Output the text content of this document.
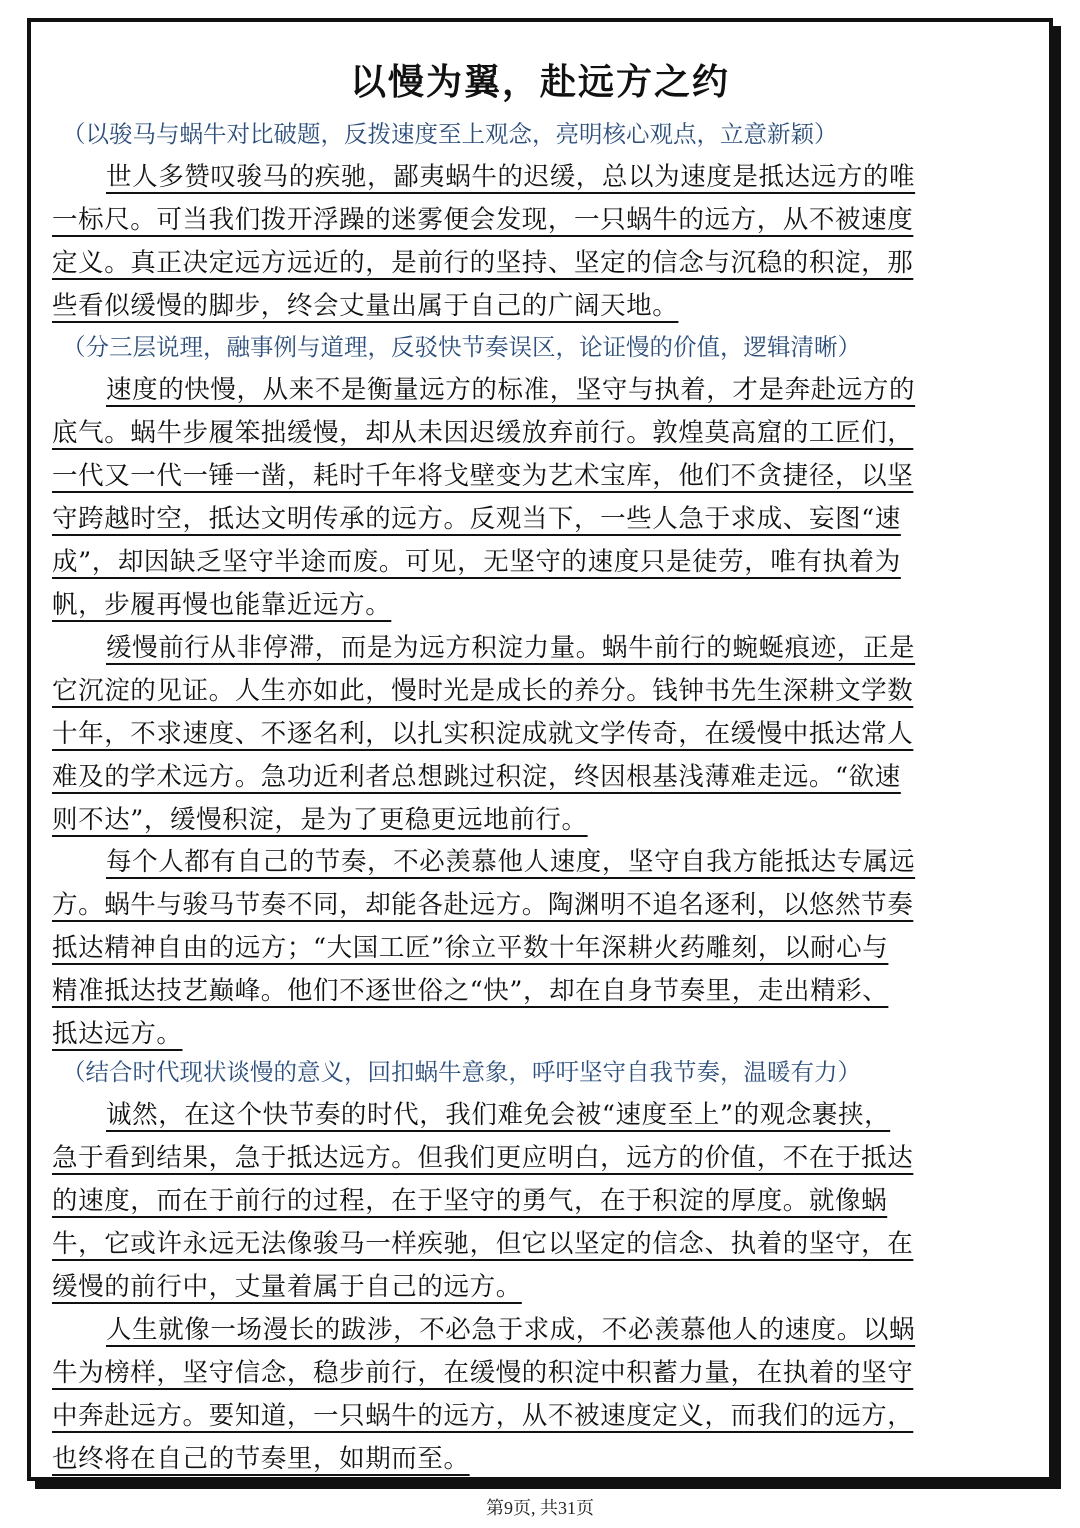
以慢为翼，赴远方之约

（以骏马与蜗牛对比破题，反拨速度至上观念，亮明核心观点，立意新颖）

世人多赞叹骏马的疾驰，鄙夷蜗牛的迟缓，总以为速度是抵达远方的唯
一标尺。可当我们拨开浮躁的迷雾便会发现，一只蜗牛的远方，从不被速度
定义。真正决定远方远近的，是前行的坚持、坚定的信念与沉稳的积淀，那
些看似缓慢的脚步，终会丈量出属于自己的广阔天地。

（分三层说理，融事例与道理，反驳快节奏误区，论证慢的价值，逻辑清晰）

速度的快慢，从来不是衡量远方的标准，坚守与执着，才是奔赴远方的
底气。蜗牛步履笨拙缓慢，却从未因迟缓放弃前行。敦煌莫高窟的工匠们，
一代又一代一锤一凿，耗时千年将戈壁变为艺术宝库，他们不贪捷径，以坚
守跨越时空，抵达文明传承的远方。反观当下，一些人急于求成、妄图“速
成”，却因缺乏坚守半途而废。可见，无坚守的速度只是徒劳，唯有执着为
帆，步履再慢也能靠近远方。
缓慢前行从非停滞，而是为远方积淀力量。蜗牛前行的蜿蜒痕迹，正是
它沉淀的见证。人生亦如此，慢时光是成长的养分。钱钟书先生深耕文学数
十年，不求速度、不逐名利，以扎实积淀成就文学传奇，在缓慢中抵达常人
难及的学术远方。急功近利者总想跳过积淀，终因根基浅薄难走远。“欲速
则不达”，缓慢积淀，是为了更稳更远地前行。
每个人都有自己的节奏，不必羡慕他人速度，坚守自我方能抵达专属远
方。蜗牛与骏马节奏不同，却能各赴远方。陶渊明不追名逐利，以悠然节奏
抵达精神自由的远方；“大国工匠”徐立平数十年深耕火药雕刻，以耐心与
精准抵达技艺巅峰。他们不逐世俗之“快”，却在自身节奏里，走出精彩、
抵达远方。

（结合时代现状谈慢的意义，回扣蜗牛意象，呼吁坚守自我节奏，温暖有力）

诚然，在这个快节奏的时代，我们难免会被“速度至上”的观念裹挟，
急于看到结果，急于抵达远方。但我们更应明白，远方的价值，不在于抵达
的速度，而在于前行的过程，在于坚守的勇气，在于积淀的厚度。就像蜗
牛，它或许永远无法像骏马一样疾驰，但它以坚定的信念、执着的坚守，在
缓慢的前行中，丈量着属于自己的远方。
人生就像一场漫长的跋涉，不必急于求成，不必羡慕他人的速度。以蜗
牛为榜样，坚守信念，稳步前行，在缓慢的积淀中积蓄力量，在执着的坚守
中奔赴远方。要知道，一只蜗牛的远方，从不被速度定义，而我们的远方，
也终将在自己的节奏里，如期而至。

第9页, 共31页
